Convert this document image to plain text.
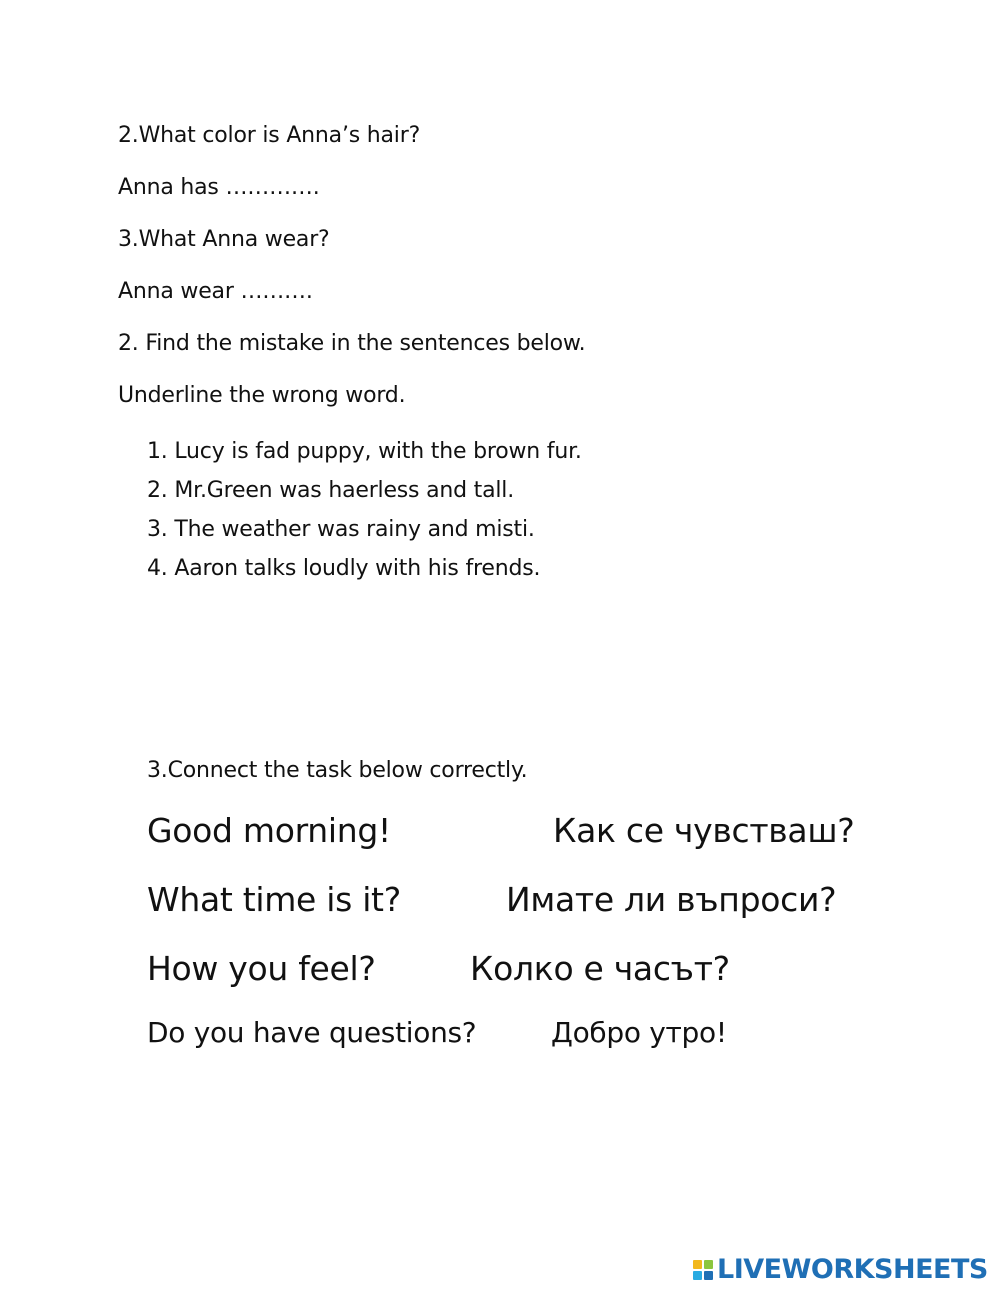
2.What color is Anna’s hair?
Anna has ………….
3.What Anna wear?
Anna wear ……….
2. Find the mistake in the sentences below.
Underline the wrong word.
1. Lucy is fad puppy, with the brown fur.
2. Mr.Green was haerless and tall.
3. The weather was rainy and misti.
4. Aaron talks loudly with his frends.
3.Connect the task below correctly.
Good morning!	Как се чувстваш?
What time is it?	Имате ли въпроси?
How you feel?	Колко е часът?
Do you have questions?	Добро утро!
LIVEWORKSHEETS
